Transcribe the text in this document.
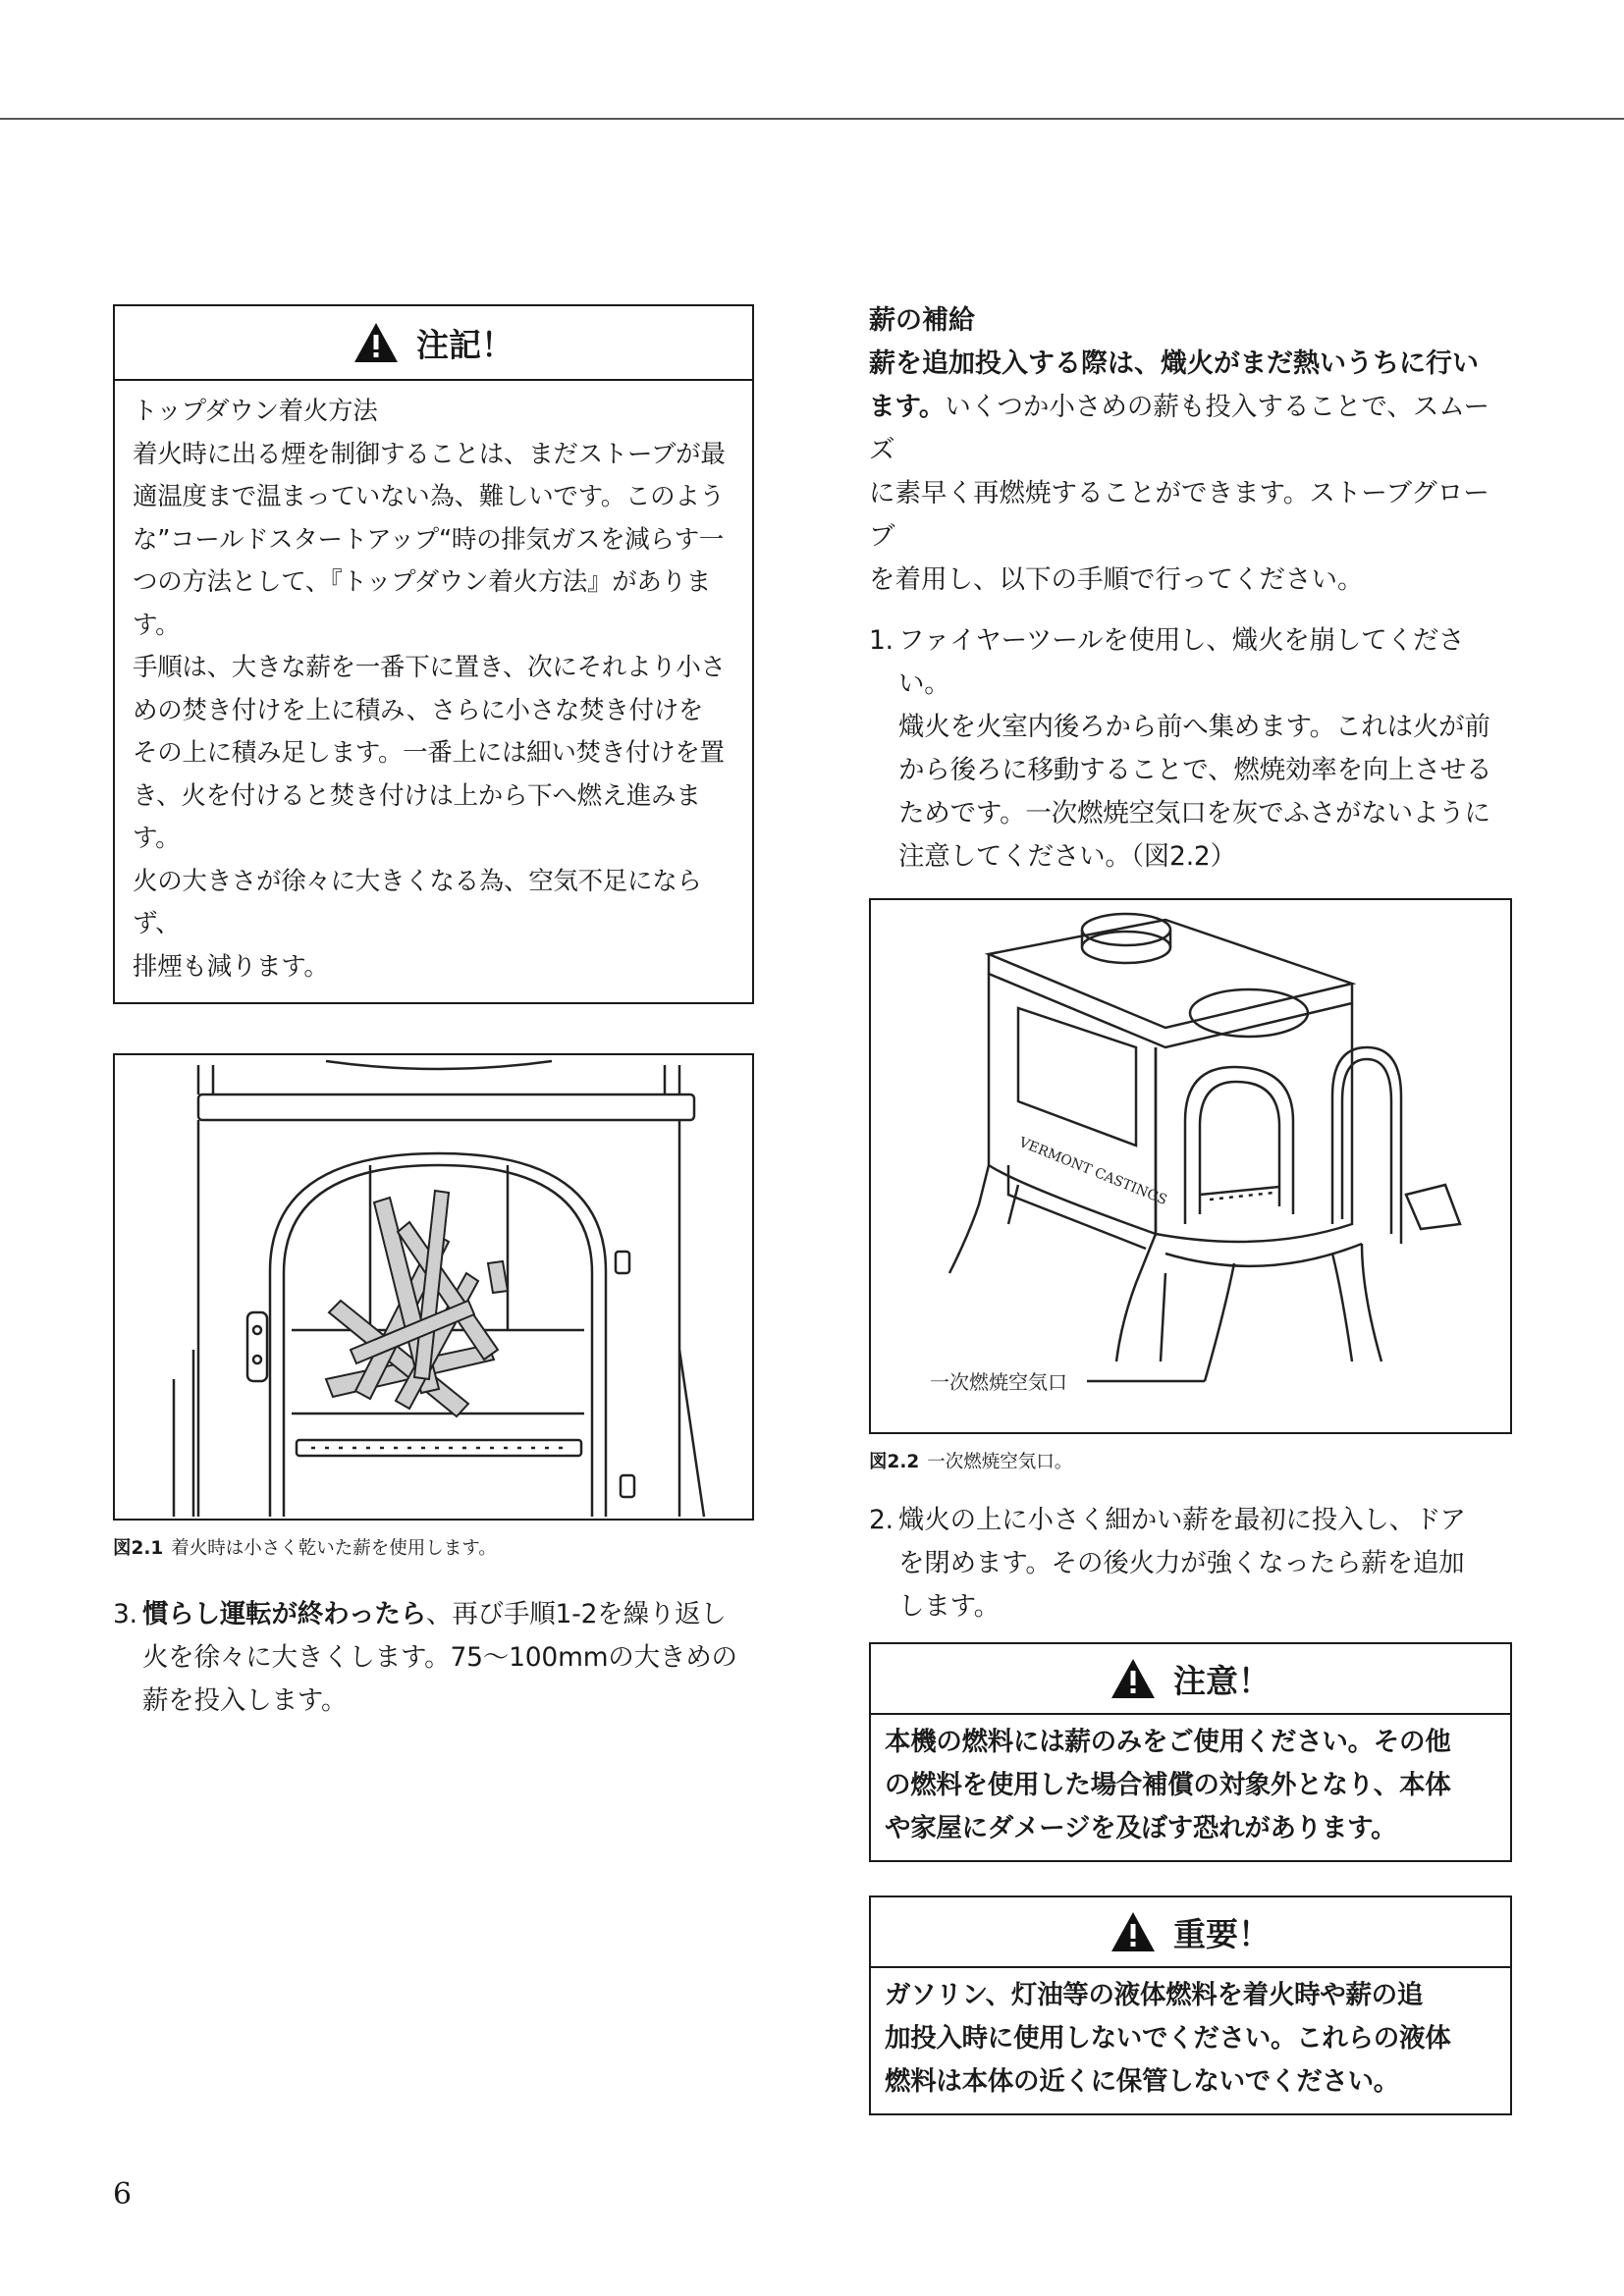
注記！
トップダウン着火方法
着火時に出る煙を制御することは、まだストーブが最
適温度まで温まっていない為、難しいです。このよう
な”コールドスタートアップ“時の排気ガスを減らす一
つの方法として、『トップダウン着火方法』があります。
手順は、大きな薪を一番下に置き、次にそれより小さ
めの焚き付けを上に積み、さらに小さな焚き付けを
その上に積み足します。一番上には細い焚き付けを置
き、火を付けると焚き付けは上から下へ燃え進みます。
火の大きさが徐々に大きくなる為、空気不足にならず、
排煙も減ります。
図2.1 着火時は小さく乾いた薪を使用します。
3. 慣らし運転が終わったら、再び手順1-2を繰り返し
火を徐々に大きくします。75〜100mmの大きめの
薪を投入します。
薪の補給
薪を追加投入する際は、熾火がまだ熱いうちに行い
ます。いくつか小さめの薪も投入することで、スムーズ
に素早く再燃焼することができます。ストーブグローブ
を着用し、以下の手順で行ってください。
1. ファイヤーツールを使用し、熾火を崩してください。
熾火を火室内後ろから前へ集めます。これは火が前
から後ろに移動することで、燃焼効率を向上させる
ためです。一次燃焼空気口を灰でふさがないように
注意してください。（図2.2）
VERMONT CASTINGS
一次燃焼空気口
図2.2 一次燃焼空気口。
2. 熾火の上に小さく細かい薪を最初に投入し、ドア
を閉めます。その後火力が強くなったら薪を追加
します。
注意！
本機の燃料には薪のみをご使用ください。その他
の燃料を使用した場合補償の対象外となり、本体
や家屋にダメージを及ぼす恐れがあります。
重要！
ガソリン、灯油等の液体燃料を着火時や薪の追
加投入時に使用しないでください。これらの液体
燃料は本体の近くに保管しないでください。
6
